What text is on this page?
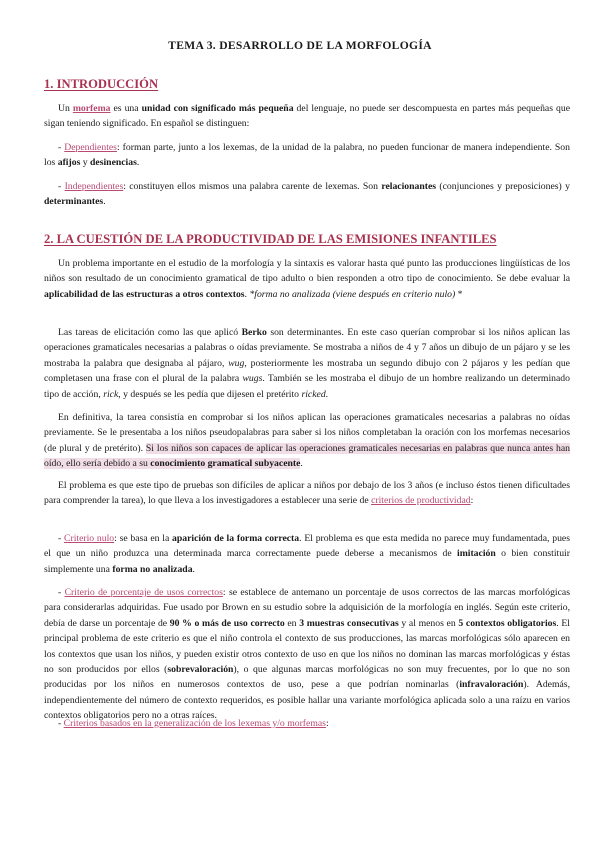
TEMA 3. DESARROLLO DE LA MORFOLOGÍA
1. INTRODUCCIÓN
Un morfema es una unidad con significado más pequeña del lenguaje, no puede ser descompuesta en partes más pequeñas que sigan teniendo significado. En español se distinguen:
- Dependientes: forman parte, junto a los lexemas, de la unidad de la palabra, no pueden funcionar de manera independiente. Son los afijos y desinencias.
- Independientes: constituyen ellos mismos una palabra carente de lexemas. Son relacionantes (conjunciones y preposiciones) y determinantes.
2. LA CUESTIÓN DE LA PRODUCTIVIDAD DE LAS EMISIONES INFANTILES
Un problema importante en el estudio de la morfología y la sintaxis es valorar hasta qué punto las producciones lingüísticas de los niños son resultado de un conocimiento gramatical de tipo adulto o bien responden a otro tipo de conocimiento. Se debe evaluar la aplicabilidad de las estructuras a otros contextos. *forma no analizada (viene después en criterio nulo) *
Las tareas de elicitación como las que aplicó Berko son determinantes. En este caso querían comprobar si los niños aplican las operaciones gramaticales necesarias a palabras o oídas previamente. Se mostraba a niños de 4 y 7 años un dibujo de un pájaro y se les mostraba la palabra que designaba al pájaro, wug, posteriormente les mostraba un segundo dibujo con 2 pájaros y les pedían que completasen una frase con el plural de la palabra wugs. También se les mostraba el dibujo de un hombre realizando un determinado tipo de acción, rick, y después se les pedía que dijesen el pretérito ricked.
En definitiva, la tarea consistía en comprobar si los niños aplican las operaciones gramaticales necesarias a palabras no oídas previamente. Se le presentaba a los niños pseudopalabras para saber si los niños completaban la oración con los morfemas necesarios (de plural y de pretérito). Si los niños son capaces de aplicar las operaciones gramaticales necesarias en palabras que nunca antes han oído, ello sería debido a su conocimiento gramatical subyacente.
El problema es que este tipo de pruebas son difíciles de aplicar a niños por debajo de los 3 años (e incluso éstos tienen dificultades para comprender la tarea), lo que lleva a los investigadores a establecer una serie de criterios de productividad:
- Criterio nulo: se basa en la aparición de la forma correcta. El problema es que esta medida no parece muy fundamentada, pues el que un niño produzca una determinada marca correctamente puede deberse a mecanismos de imitación o bien constituir simplemente una forma no analizada.
- Criterio de porcentaje de usos correctos: se establece de antemano un porcentaje de usos correctos de las marcas morfológicas para considerarlas adquiridas. Fue usado por Brown en su estudio sobre la adquisición de la morfología en inglés. Según este criterio, debía de darse un porcentaje de 90 % o más de uso correcto en 3 muestras consecutivas y al menos en 5 contextos obligatorios. El principal problema de este criterio es que el niño controla el contexto de sus producciones, las marcas morfológicas sólo aparecen en los contextos que usan los niños, y pueden existir otros contexto de uso en que los niños no dominan las marcas morfológicas y éstas no son producidos por ellos (sobrevaloración), o que algunas marcas morfológicas no son muy frecuentes, por lo que no son producidas por los niños en numerosos contextos de uso, pese a que podrían nominarlas (infravaloración). Además, independientemente del número de contexto requeridos, es posible hallar una variante morfológica aplicada solo a una raízu en varios contextos obligatorios pero no a otras raíces.
- Criterios basados en la generalización de los lexemas y/o morfemas:
